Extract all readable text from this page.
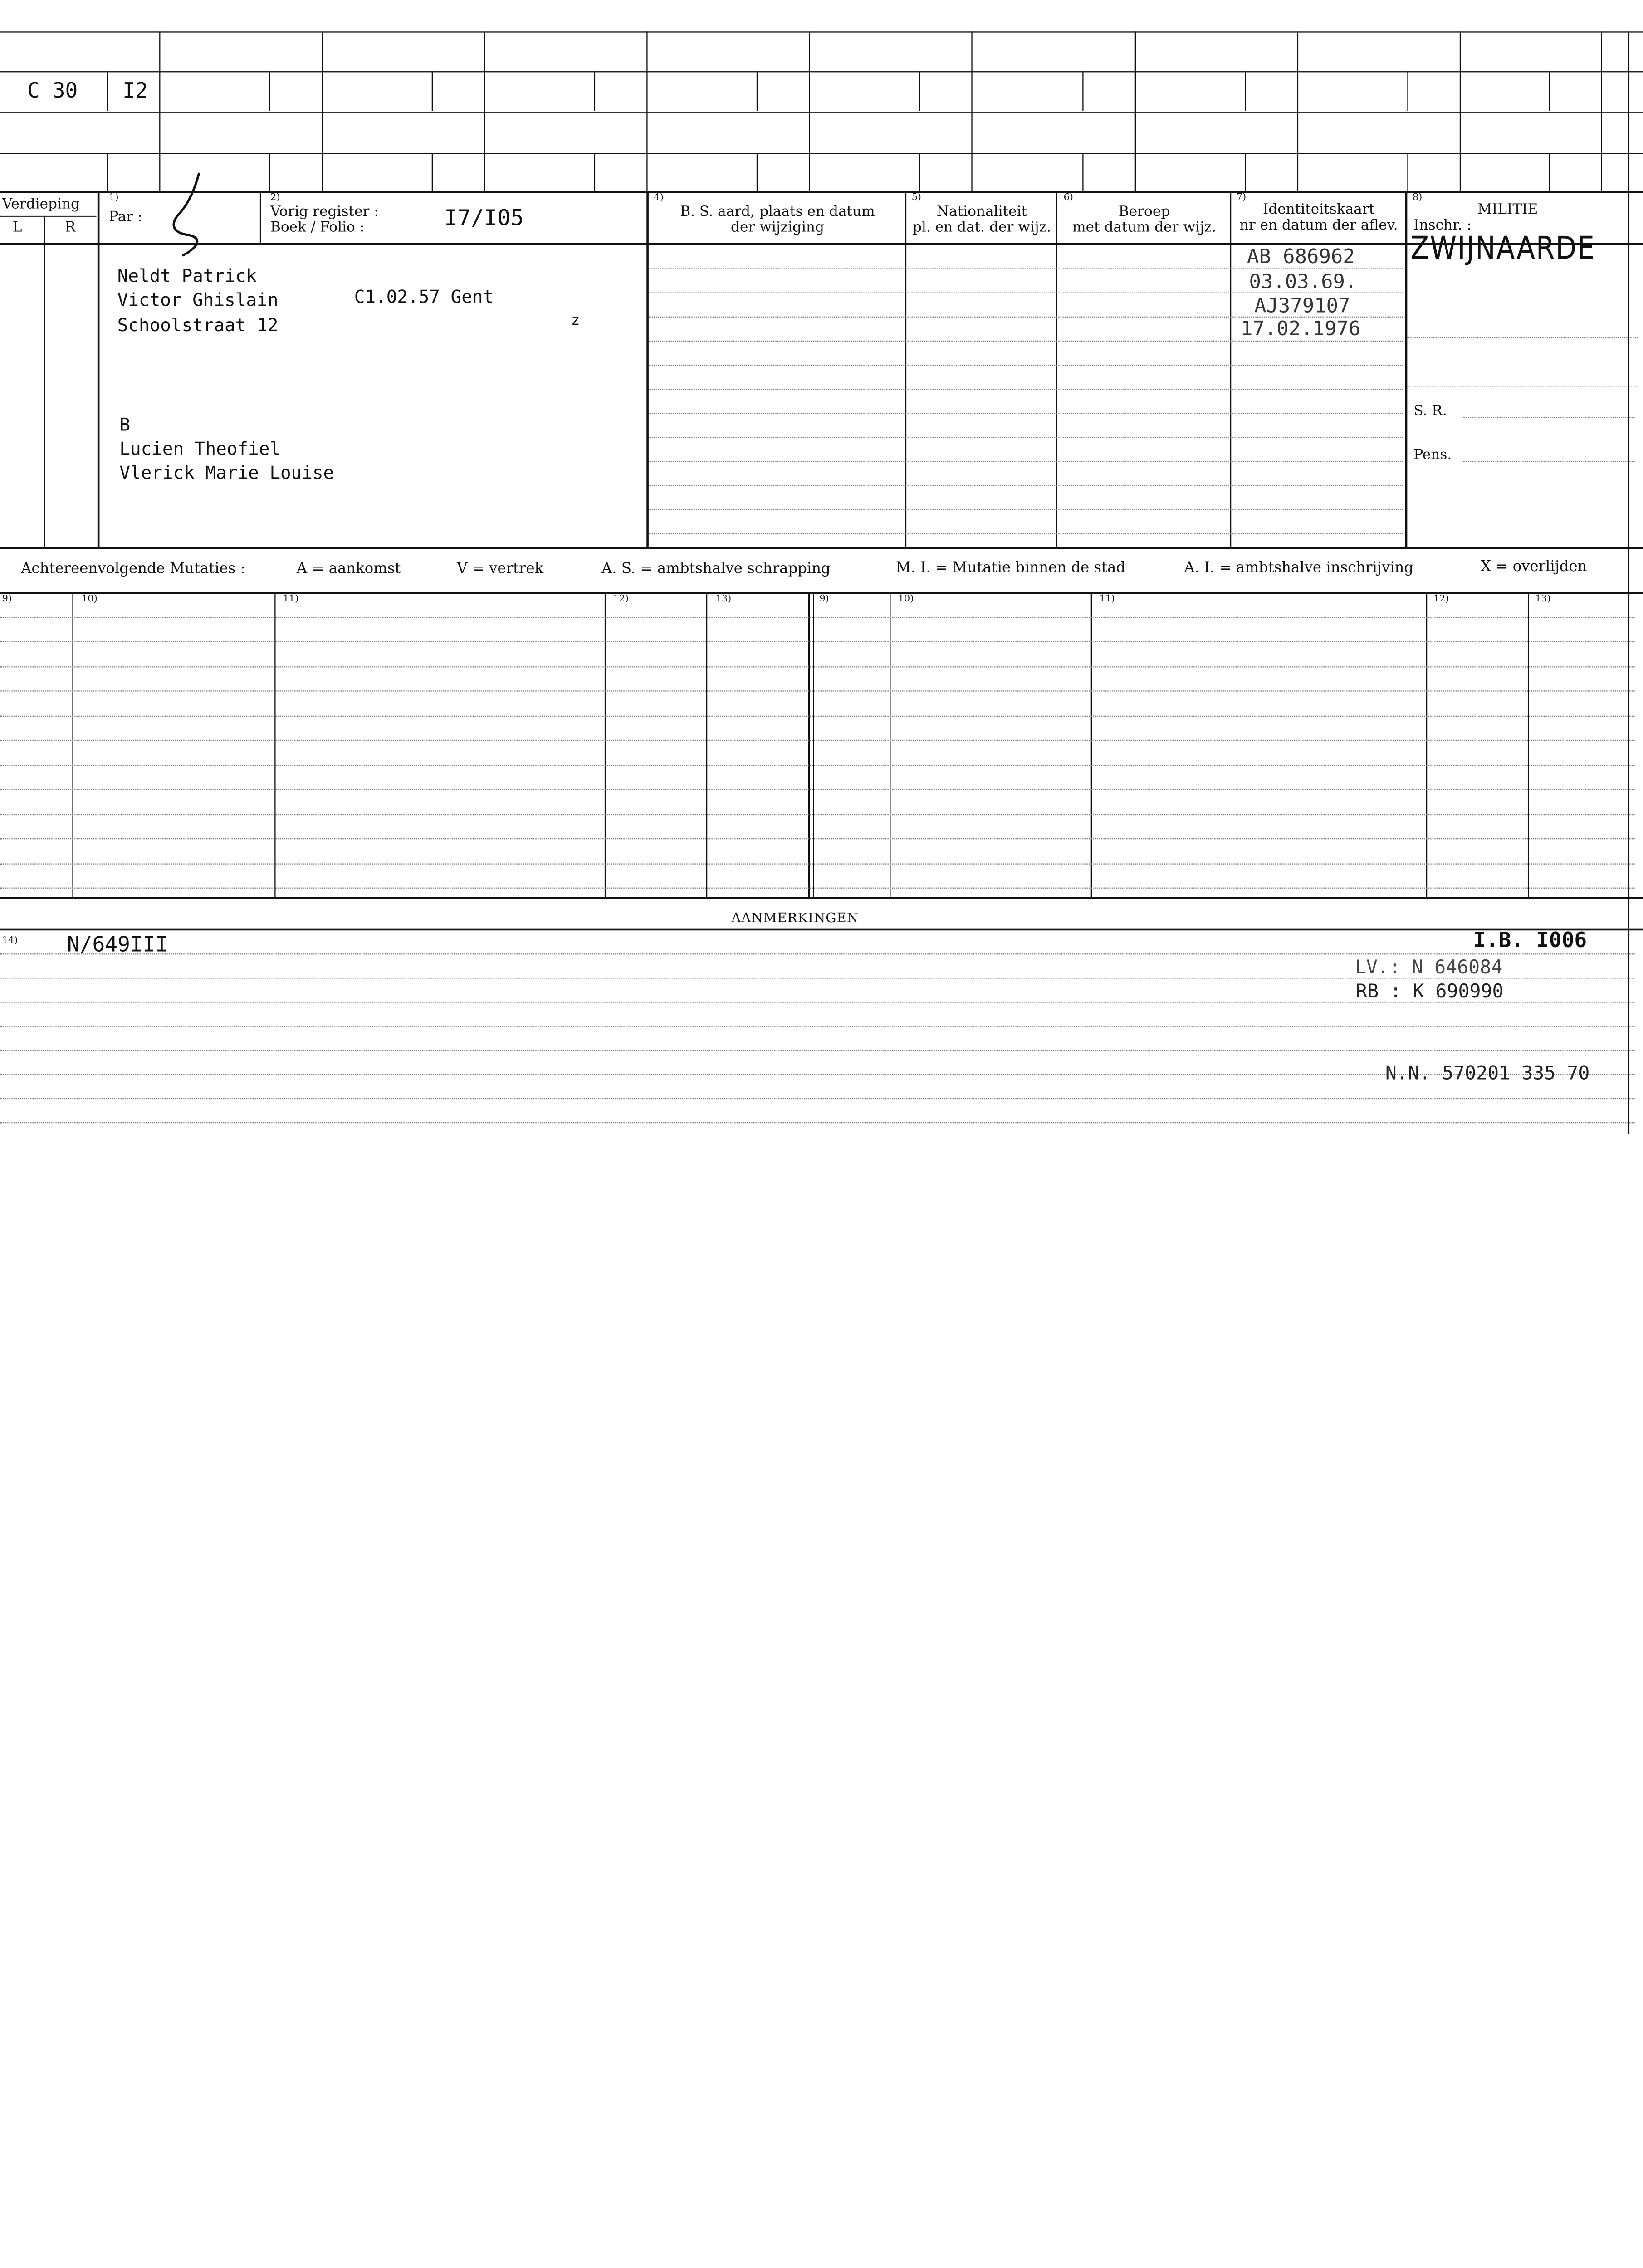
C 30	I2
Verdieping
L	R
1)
Par :
2)
Vorig register :
Boek / Folio :	I7/I05
4)
B. S. aard, plaats en datum
der wijziging
5)
Nationaliteit
pl. en dat. der wijz.
6)
Beroep
met datum der wijz.
7)
Identiteitskaart
nr en datum der aflev.
8)
MILITIE
Inschr. :
Neldt Patrick
Victor Ghislain	C1.02.57 Gent
Schoolstraat 12	z
B
Lucien Theofiel
Vlerick Marie Louise
AB 686962
03.03.69.
AJ379107
17.02.1976
ZWIJNAARDE
S. R.
Pens.
Achtereenvolgende Mutaties :	A = aankomst	V = vertrek	A. S. = ambtshalve schrapping	M. I. = Mutatie binnen de stad	A. I. = ambtshalve inschrijving	X = overlijden
9)	10)	11)	12)	13)	9)	10)	11)	12)	13)
AANMERKINGEN
14)	N/649III	I.B. I006
LV.: N 646084
RB : K 690990
N.N. 570201 335 70
